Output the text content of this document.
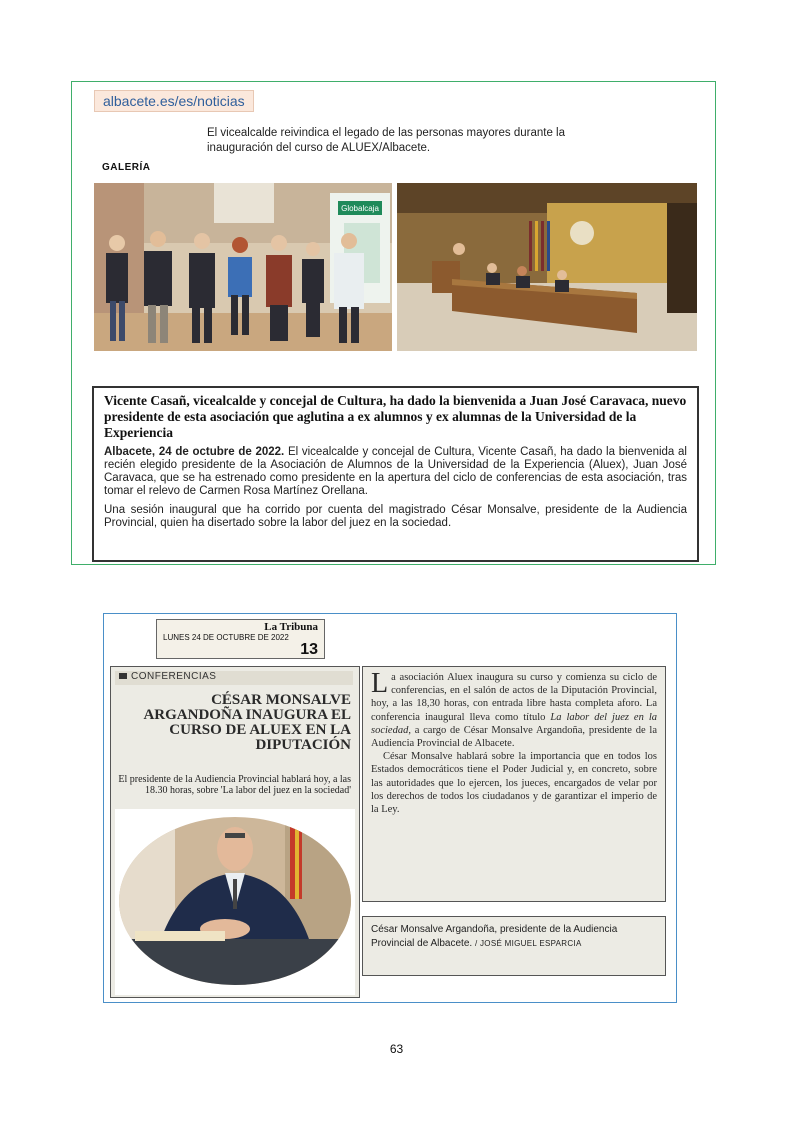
albacete.es/es/noticias
El vicealcalde reivindica el legado de las personas mayores durante la inauguración del curso de ALUEX/Albacete.
GALERÍA
Globalcaja

Vicente Casañ, vicealcalde y concejal de Cultura, ha dado la bienvenida a Juan José Caravaca, nuevo presidente de esta asociación que aglutina a ex alumnos y ex alumnas de la Universidad de la Experiencia

Albacete, 24 de octubre de 2022. El vicealcalde y concejal de Cultura, Vicente Casañ, ha dado la bienvenida al recién elegido presidente de la Asociación de Alumnos de la Universidad de la Experiencia (Aluex), Juan José Caravaca, que se ha estrenado como presidente en la apertura del ciclo de conferencias de esta asociación, tras tomar el relevo de Carmen Rosa Martínez Orellana.

Una sesión inaugural que ha corrido por cuenta del magistrado César Monsalve, presidente de la Audiencia Provincial, quien ha disertado sobre la labor del juez en la sociedad.

La Tribuna
LUNES 24 DE OCTUBRE DE 2022
13
CONFERENCIAS
CÉSAR MONSALVE ARGANDOÑA INAUGURA EL CURSO DE ALUEX EN LA DIPUTACIÓN
El presidente de la Audiencia Provincial hablará hoy, a las 18.30 horas, sobre 'La labor del juez en la sociedad'

La asociación Aluex inaugura su curso y comienza su ciclo de conferencias, en el salón de actos de la Diputación Provincial, hoy, a las 18,30 horas, con entrada libre hasta completa aforo. La conferencia inaugural lleva como título La labor del juez en la sociedad, a cargo de César Monsalve Argandoña, presidente de la Audiencia Provincial de Albacete.

César Monsalve hablará sobre la importancia que en todos los Estados democráticos tiene el Poder Judicial y, en concreto, sobre las autoridades que lo ejercen, los jueces, encargados de velar por los derechos de todos los ciudadanos y de garantizar el imperio de la Ley.

César Monsalve Argandoña, presidente de la Audiencia Provincial de Albacete. / JOSÉ MIGUEL ESPARCIA
63
